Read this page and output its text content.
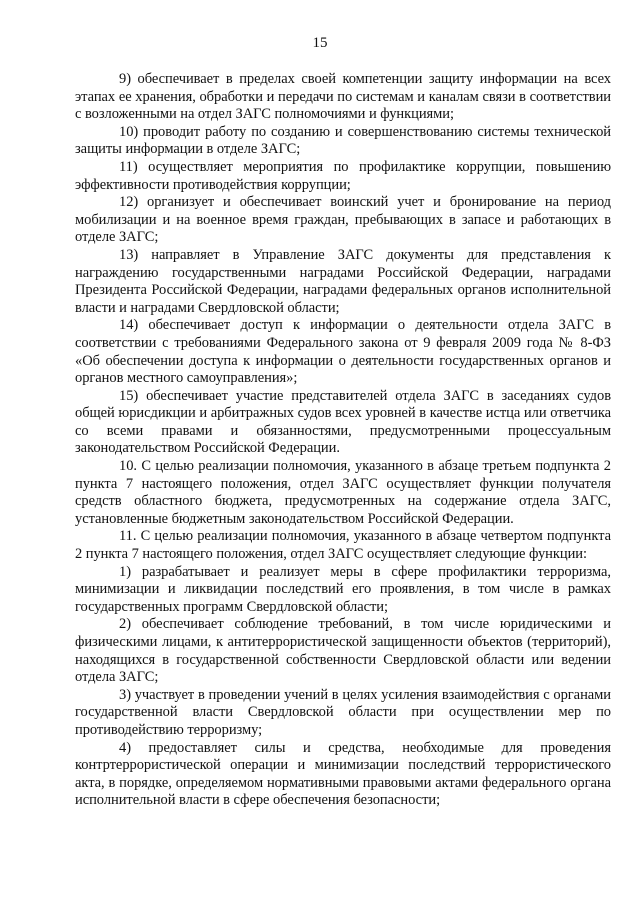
15

9) обеспечивает в пределах своей компетенции защиту информации на всех этапах ее хранения, обработки и передачи по системам и каналам связи в соответствии с возложенными на отдел ЗАГС полномочиями и функциями;

10) проводит работу по созданию и совершенствованию системы технической защиты информации в отделе ЗАГС;

11) осуществляет мероприятия по профилактике коррупции, повышению эффективности противодействия коррупции;

12) организует и обеспечивает воинский учет и бронирование на период мобилизации и на военное время граждан, пребывающих в запасе и работающих в отделе ЗАГС;

13) направляет в Управление ЗАГС документы для представления к награждению государственными наградами Российской Федерации, наградами Президента Российской Федерации, наградами федеральных органов исполнительной власти и наградами Свердловской области;

14) обеспечивает доступ к информации о деятельности отдела ЗАГС в соответствии с требованиями Федерального закона от 9 февраля 2009 года № 8-ФЗ «Об обеспечении доступа к информации о деятельности государственных органов и органов местного самоуправления»;

15) обеспечивает участие представителей отдела ЗАГС в заседаниях судов общей юрисдикции и арбитражных судов всех уровней в качестве истца или ответчика со всеми правами и обязанностями, предусмотренными процессуальным законодательством Российской Федерации.

10. С целью реализации полномочия, указанного в абзаце третьем подпункта 2 пункта 7 настоящего положения, отдел ЗАГС осуществляет функции получателя средств областного бюджета, предусмотренных на содержание отдела ЗАГС, установленные бюджетным законодательством Российской Федерации.

11. С целью реализации полномочия, указанного в абзаце четвертом подпункта 2 пункта 7 настоящего положения, отдел ЗАГС осуществляет следующие функции:

1) разрабатывает и реализует меры в сфере профилактики терроризма, минимизации и ликвидации последствий его проявления, в том числе в рамках государственных программ Свердловской области;

2) обеспечивает соблюдение требований, в том числе юридическими и физическими лицами, к антитеррористической защищенности объектов (территорий), находящихся в государственной собственности Свердловской области или ведении отдела ЗАГС;

3) участвует в проведении учений в целях усиления взаимодействия с органами государственной власти Свердловской области при осуществлении мер по противодействию терроризму;

4) предоставляет силы и средства, необходимые для проведения контртеррористической операции и минимизации последствий террористического акта, в порядке, определяемом нормативными правовыми актами федерального органа исполнительной власти в сфере обеспечения безопасности;
